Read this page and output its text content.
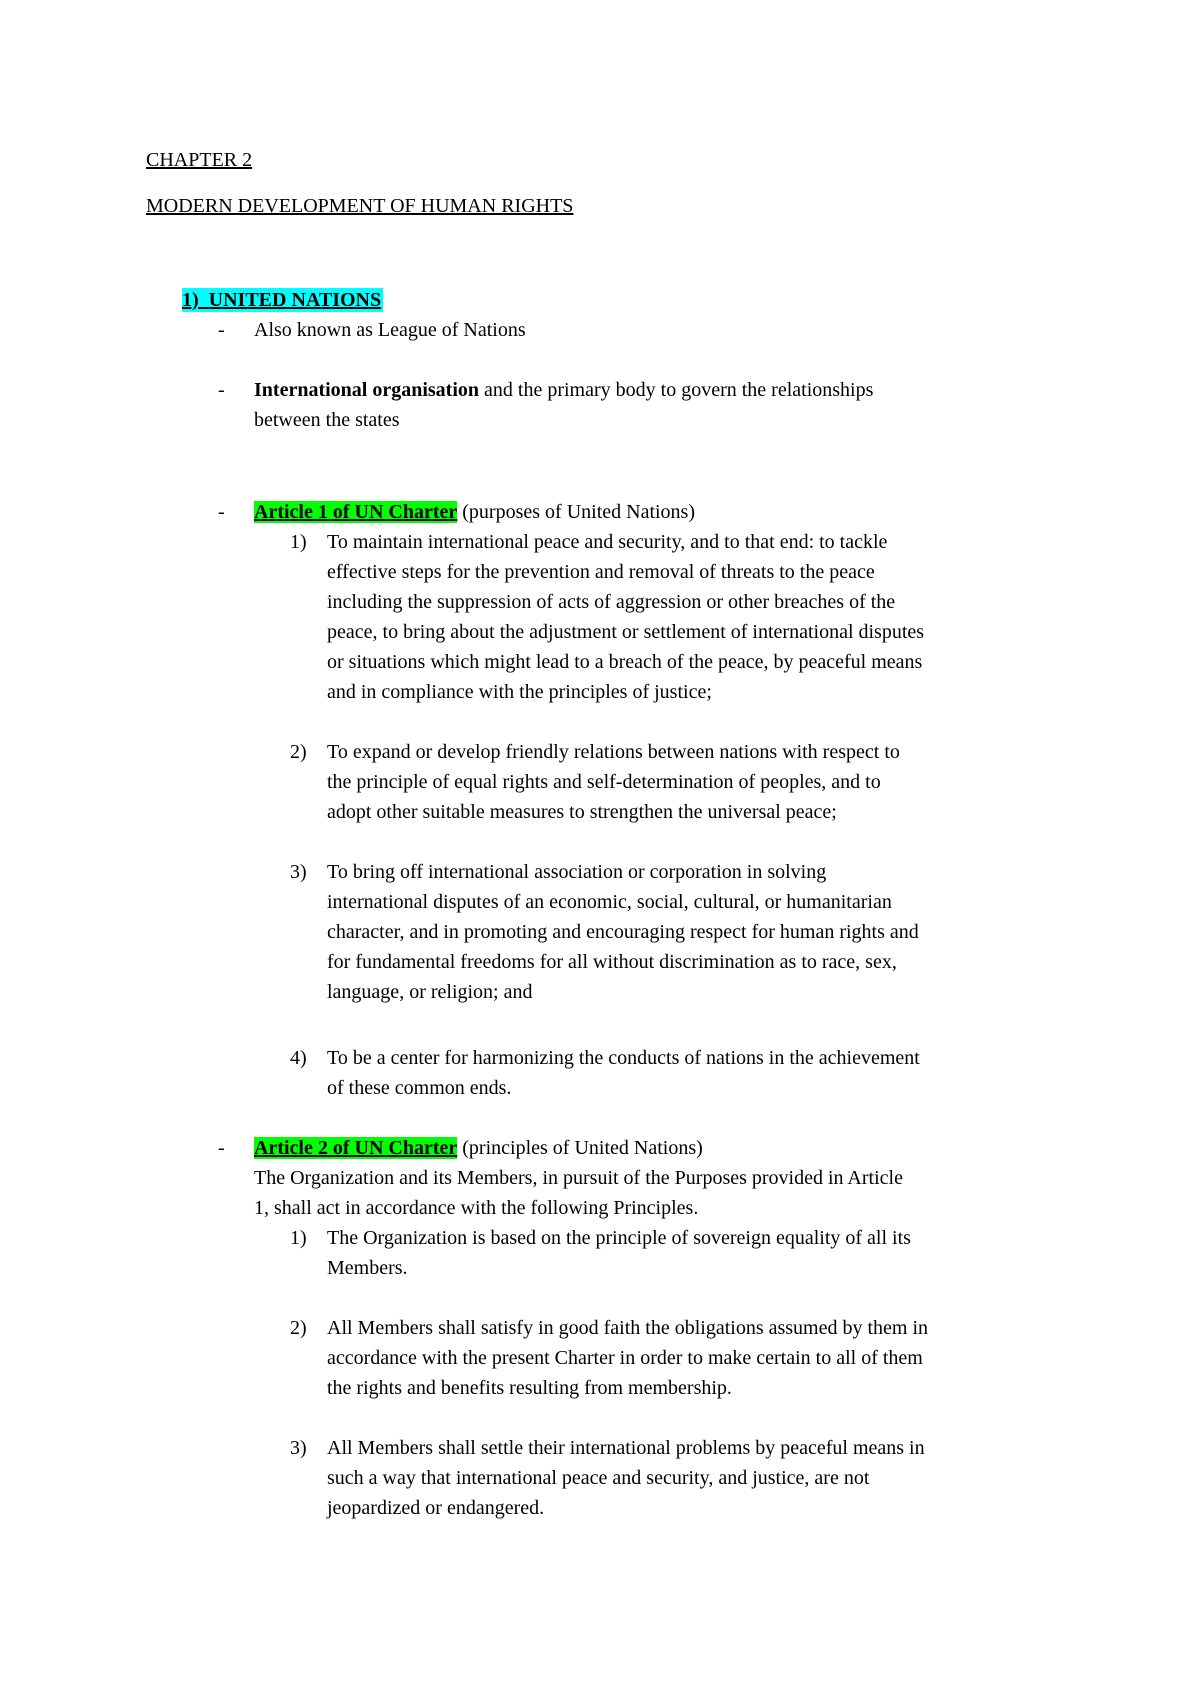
CHAPTER 2
MODERN DEVELOPMENT OF HUMAN RIGHTS
1) UNITED NATIONS
- Also known as League of Nations
- International organisation and the primary body to govern the relationships
between the states
- Article 1 of UN Charter (purposes of United Nations)
1) To maintain international peace and security, and to that end: to tackle
effective steps for the prevention and removal of threats to the peace
including the suppression of acts of aggression or other breaches of the
peace, to bring about the adjustment or settlement of international disputes
or situations which might lead to a breach of the peace, by peaceful means
and in compliance with the principles of justice;
2) To expand or develop friendly relations between nations with respect to
the principle of equal rights and self-determination of peoples, and to
adopt other suitable measures to strengthen the universal peace;
3) To bring off international association or corporation in solving
international disputes of an economic, social, cultural, or humanitarian
character, and in promoting and encouraging respect for human rights and
for fundamental freedoms for all without discrimination as to race, sex,
language, or religion; and
4) To be a center for harmonizing the conducts of nations in the achievement
of these common ends.
- Article 2 of UN Charter (principles of United Nations)
The Organization and its Members, in pursuit of the Purposes provided in Article
1, shall act in accordance with the following Principles.
1) The Organization is based on the principle of sovereign equality of all its
Members.
2) All Members shall satisfy in good faith the obligations assumed by them in
accordance with the present Charter in order to make certain to all of them
the rights and benefits resulting from membership.
3) All Members shall settle their international problems by peaceful means in
such a way that international peace and security, and justice, are not
jeopardized or endangered.
